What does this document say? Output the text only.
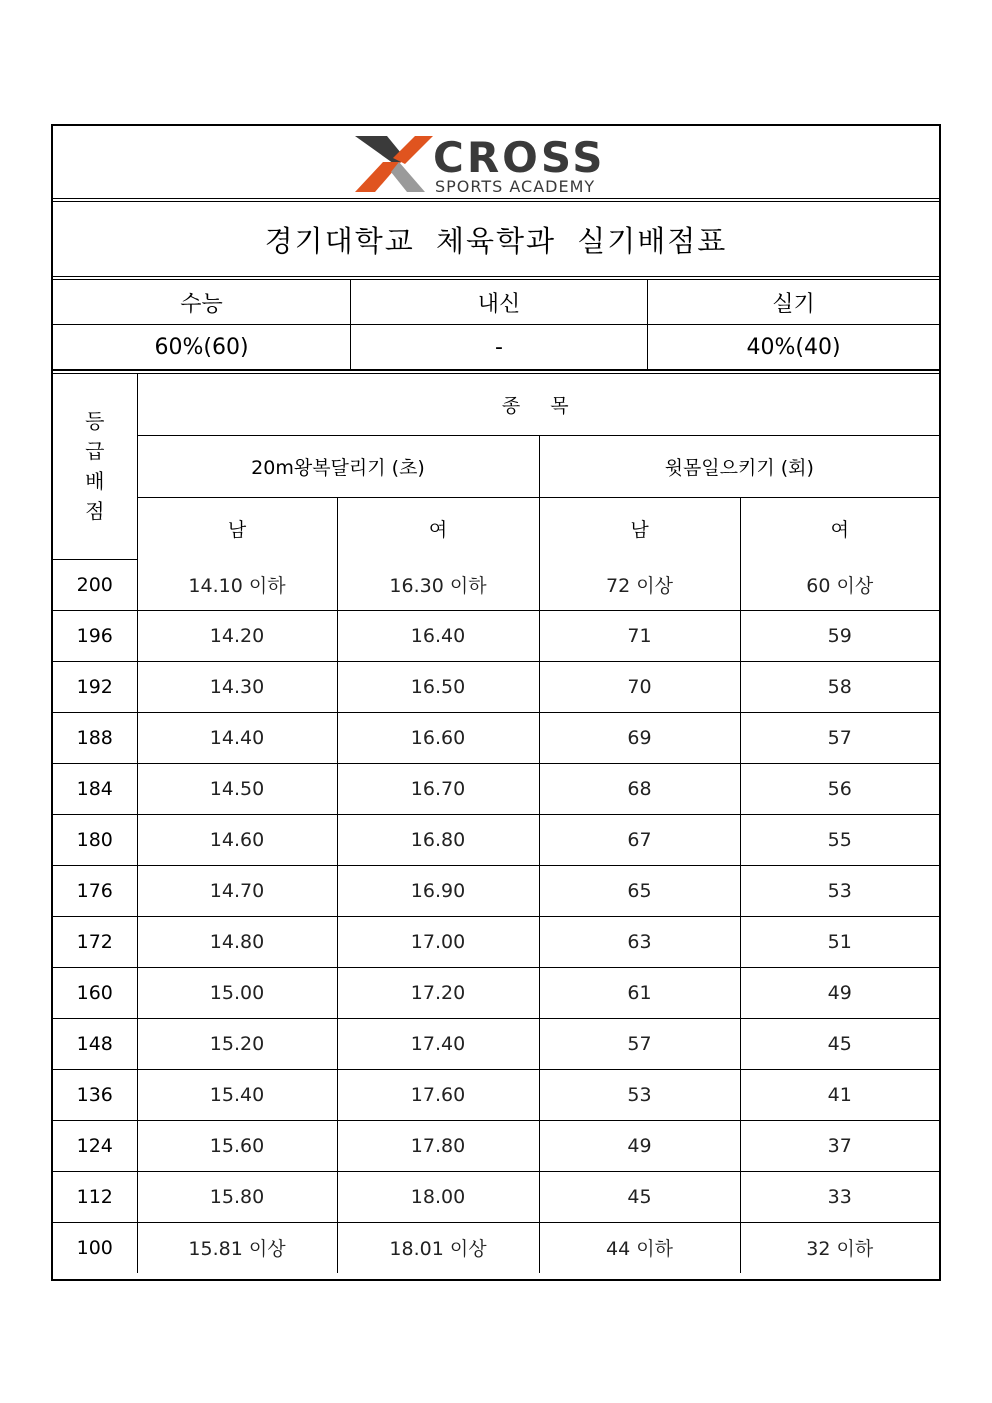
CROSS
SPORTS ACADEMY
경기대학교 체육학과 실기배점표
수능	내신	실기
60%(60)	-	40%(40)
등 급
배 점	종  목			
	20m왕복달리기 (초)		윗몸일으키기 (회)	
	남	여	남	여
200	14.10 이하	16.30 이하	72 이상	60 이상
196	14.20	16.40	71	59
192	14.30	16.50	70	58
188	14.40	16.60	69	57
184	14.50	16.70	68	56
180	14.60	16.80	67	55
176	14.70	16.90	65	53
172	14.80	17.00	63	51
160	15.00	17.20	61	49
148	15.20	17.40	57	45
136	15.40	17.60	53	41
124	15.60	17.80	49	37
112	15.80	18.00	45	33
100	15.81 이상	18.01 이상	44 이하	32 이하
